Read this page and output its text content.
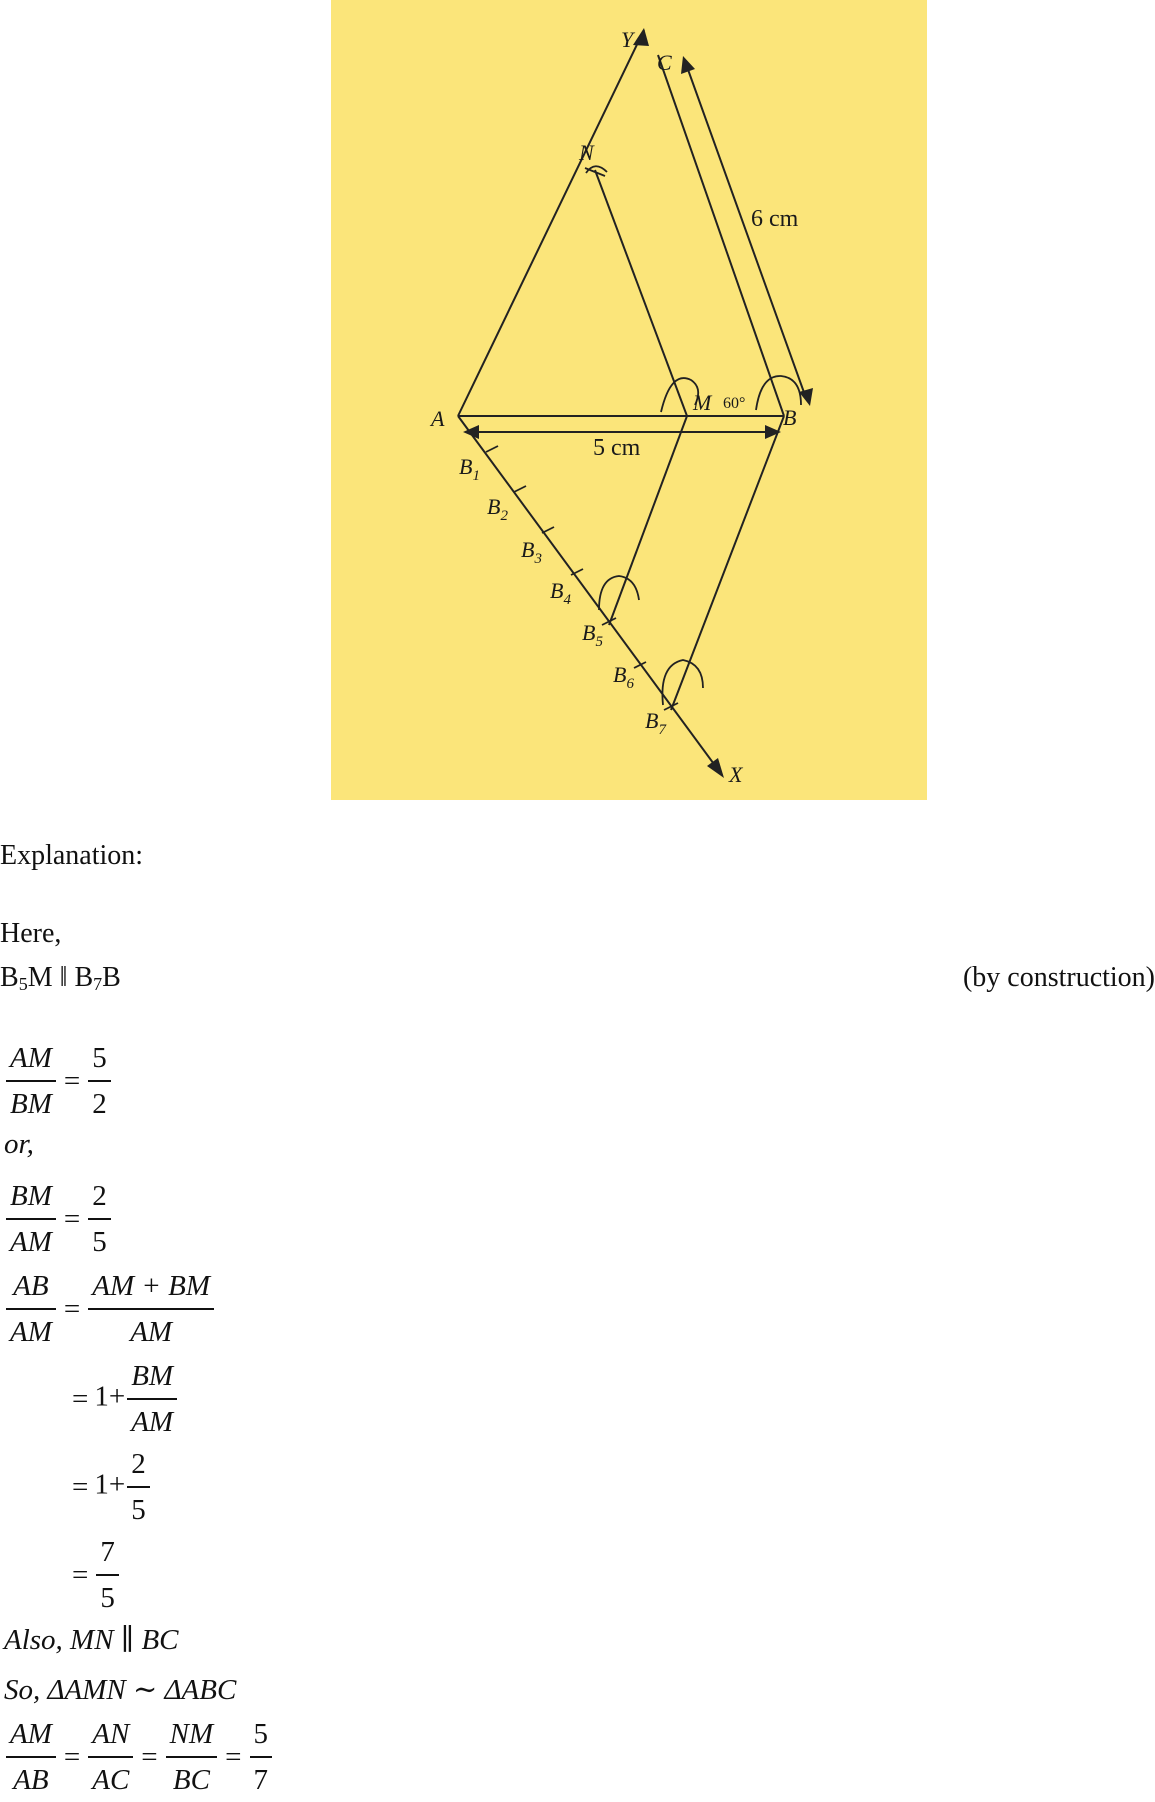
Y
C
N
A
M 60°
B
X
6 cm
5 cm
$B_1$
$B_2$
$B_3$
$B_4$
$B_5$
$B_6$
$B_7$
Explanation:
Here,
$B_5M$ ‖ $B_7B$	(by construction)
$\frac{AM}{BM} = \frac{5}{2}$
or,
$\frac{BM}{AM} = \frac{2}{5}$
$\frac{AB}{AM} = \frac{AM + BM}{AM}$
= $1+ \frac{BM}{AM}$
= $1+ \frac{2}{5}$
= $\frac{7}{5}$
Also, MN ∥ BC
So, ΔAMN ∼ ΔABC
$\frac{AM}{AB} = \frac{AN}{AC} = \frac{NM}{BC} = \frac{5}{7}$
